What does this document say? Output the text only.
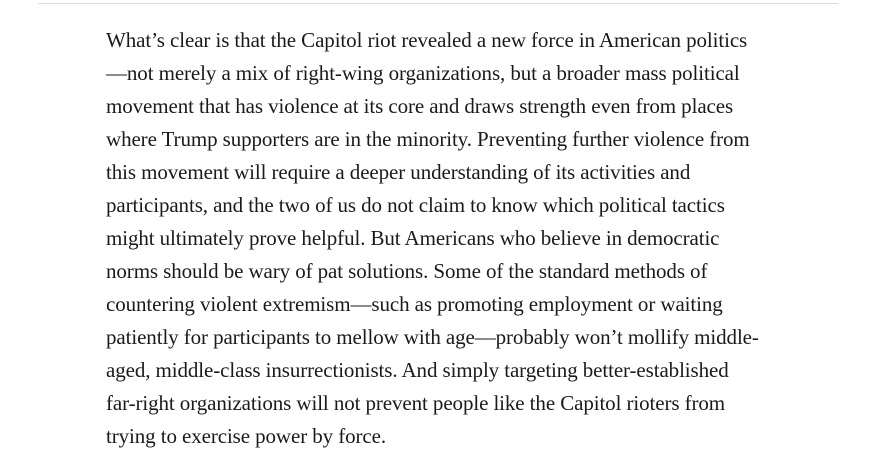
What’s clear is that the Capitol riot revealed a new force in American politics
—not merely a mix of right-wing organizations, but a broader mass political
movement that has violence at its core and draws strength even from places
where Trump supporters are in the minority. Preventing further violence from
this movement will require a deeper understanding of its activities and
participants, and the two of us do not claim to know which political tactics
might ultimately prove helpful. But Americans who believe in democratic
norms should be wary of pat solutions. Some of the standard methods of
countering violent extremism—such as promoting employment or waiting
patiently for participants to mellow with age—probably won’t mollify middle-
aged, middle-class insurrectionists. And simply targeting better-established
far-right organizations will not prevent people like the Capitol rioters from
trying to exercise power by force.
